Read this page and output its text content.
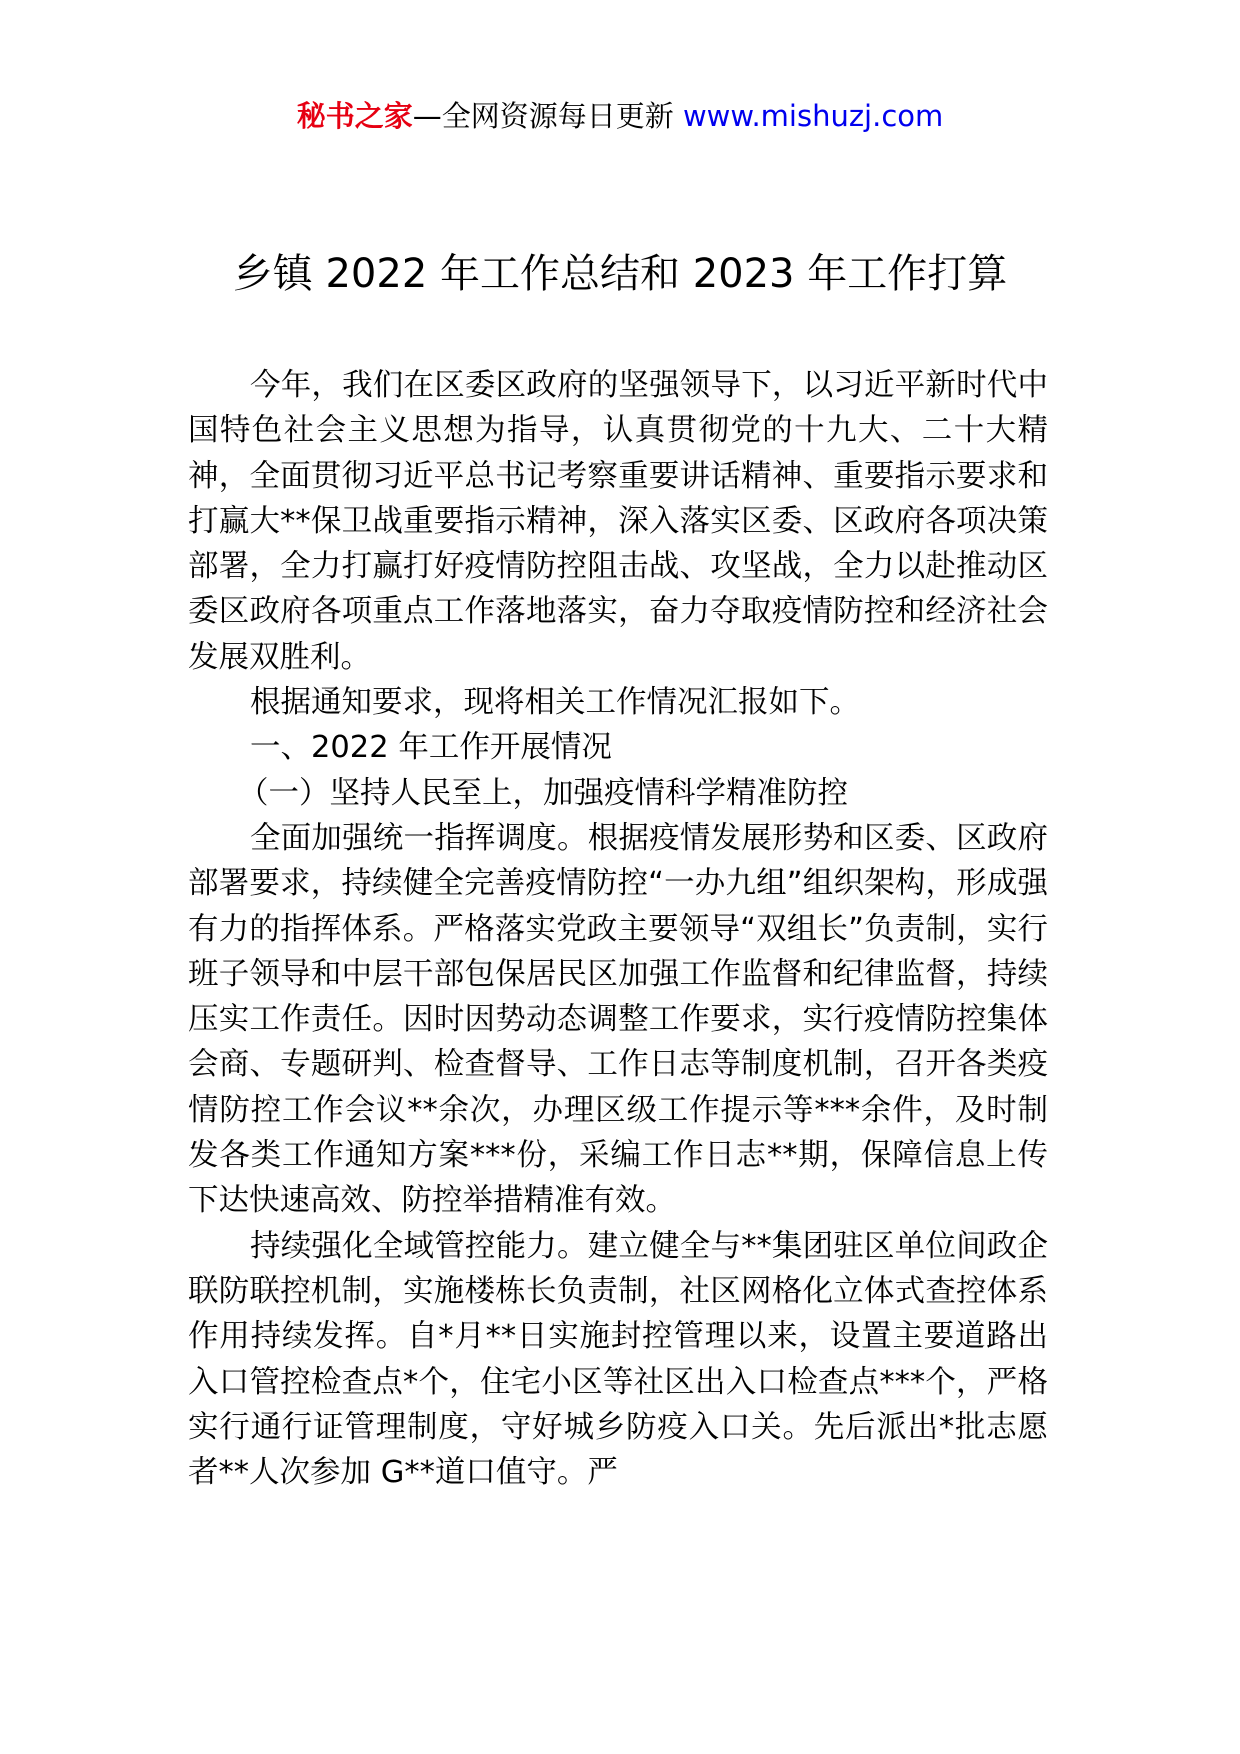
秘书之家—全网资源每日更新 www.mishuzj.com
乡镇 2022 年工作总结和 2023 年工作打算

今年，我们在区委区政府的坚强领导下，以习近平新时代中国特色社会主义思想为指导，认真贯彻党的十九大、二十大精神，全面贯彻习近平总书记考察重要讲话精神、重要指示要求和打赢大**保卫战重要指示精神，深入落实区委、区政府各项决策部署，全力打赢打好疫情防控阻击战、攻坚战，全力以赴推动区委区政府各项重点工作落地落实，奋力夺取疫情防控和经济社会发展双胜利。

根据通知要求，现将相关工作情况汇报如下。

一、2022 年工作开展情况

（一）坚持人民至上，加强疫情科学精准防控

全面加强统一指挥调度。根据疫情发展形势和区委、区政府部署要求，持续健全完善疫情防控“一办九组”组织架构，形成强有力的指挥体系。严格落实党政主要领导“双组长”负责制，实行班子领导和中层干部包保居民区加强工作监督和纪律监督，持续压实工作责任。因时因势动态调整工作要求，实行疫情防控集体会商、专题研判、检查督导、工作日志等制度机制，召开各类疫情防控工作会议**余次，办理区级工作提示等***余件，及时制发各类工作通知方案***份，采编工作日志**期，保障信息上传下达快速高效、防控举措精准有效。

持续强化全域管控能力。建立健全与**集团驻区单位间政企联防联控机制，实施楼栋长负责制，社区网格化立体式查控体系作用持续发挥。自*月**日实施封控管理以来，设置主要道路出入口管控检查点*个，住宅小区等社区出入口检查点***个，严格实行通行证管理制度，守好城乡防疫入口关。先后派出*批志愿者**人次参加 G**道口值守。严
